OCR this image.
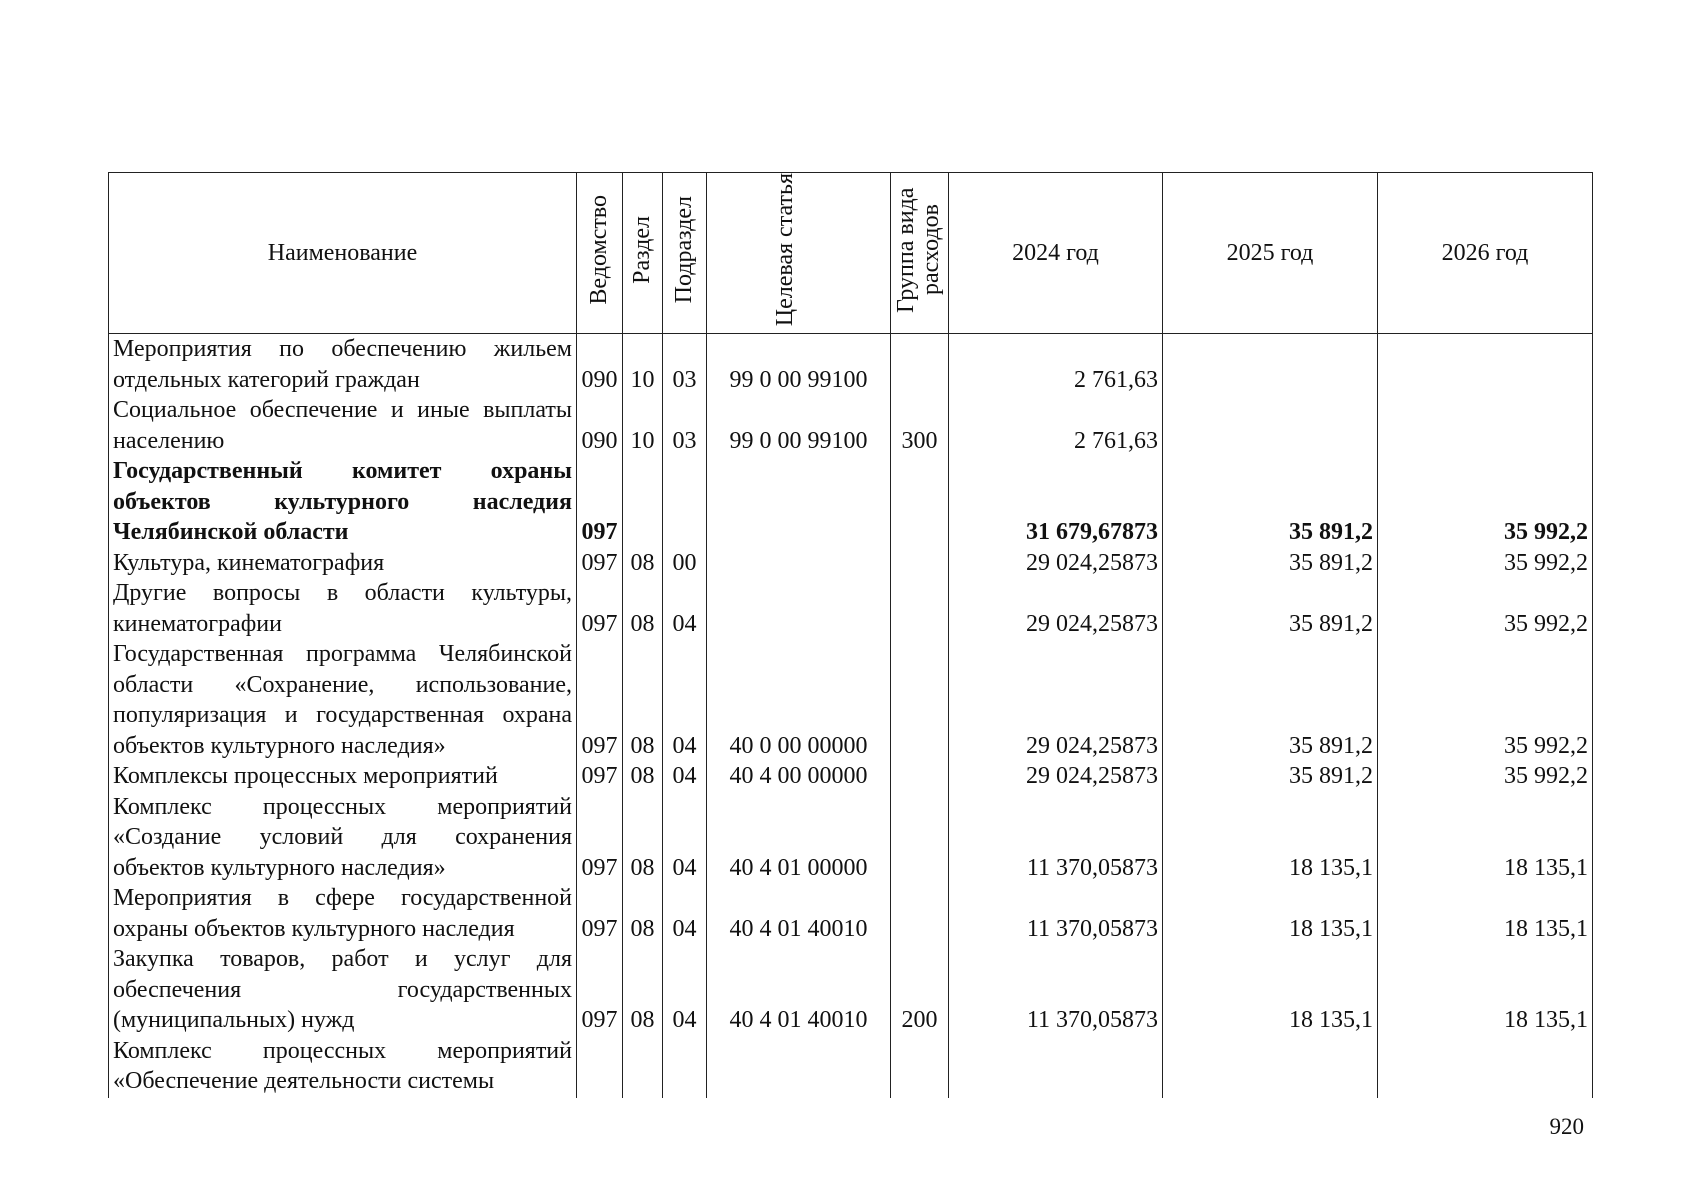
Наименование	Ведомство	Раздел	Подраздел	Целевая статья	Группа вида расходов	2024 год	2025 год	2026 год
Мероприятия по обеспечению жильем отдельных категорий граждан	090	10	03	99 0 00 99100		2 761,63		
Социальное обеспечение и иные выплаты населению	090	10	03	99 0 00 99100	300	2 761,63		
Государственный комитет охраны объектов культурного наследия Челябинской области	097					31 679,67873	35 891,2	35 992,2
Культура, кинематография	097	08	00			29 024,25873	35 891,2	35 992,2
Другие вопросы в области культуры, кинематографии	097	08	04			29 024,25873	35 891,2	35 992,2
Государственная программа Челябинской области «Сохранение, использование, популяризация и государственная охрана объектов культурного наследия»	097	08	04	40 0 00 00000		29 024,25873	35 891,2	35 992,2
Комплексы процессных мероприятий	097	08	04	40 4 00 00000		29 024,25873	35 891,2	35 992,2
Комплекс процессных мероприятий «Создание условий для сохранения объектов культурного наследия»	097	08	04	40 4 01 00000		11 370,05873	18 135,1	18 135,1
Мероприятия в сфере государственной охраны объектов культурного наследия	097	08	04	40 4 01 40010		11 370,05873	18 135,1	18 135,1
Закупка товаров, работ и услуг для обеспечения государственных (муниципальных) нужд	097	08	04	40 4 01 40010	200	11 370,05873	18 135,1	18 135,1
Комплекс процессных мероприятий «Обеспечение деятельности системы								
920
